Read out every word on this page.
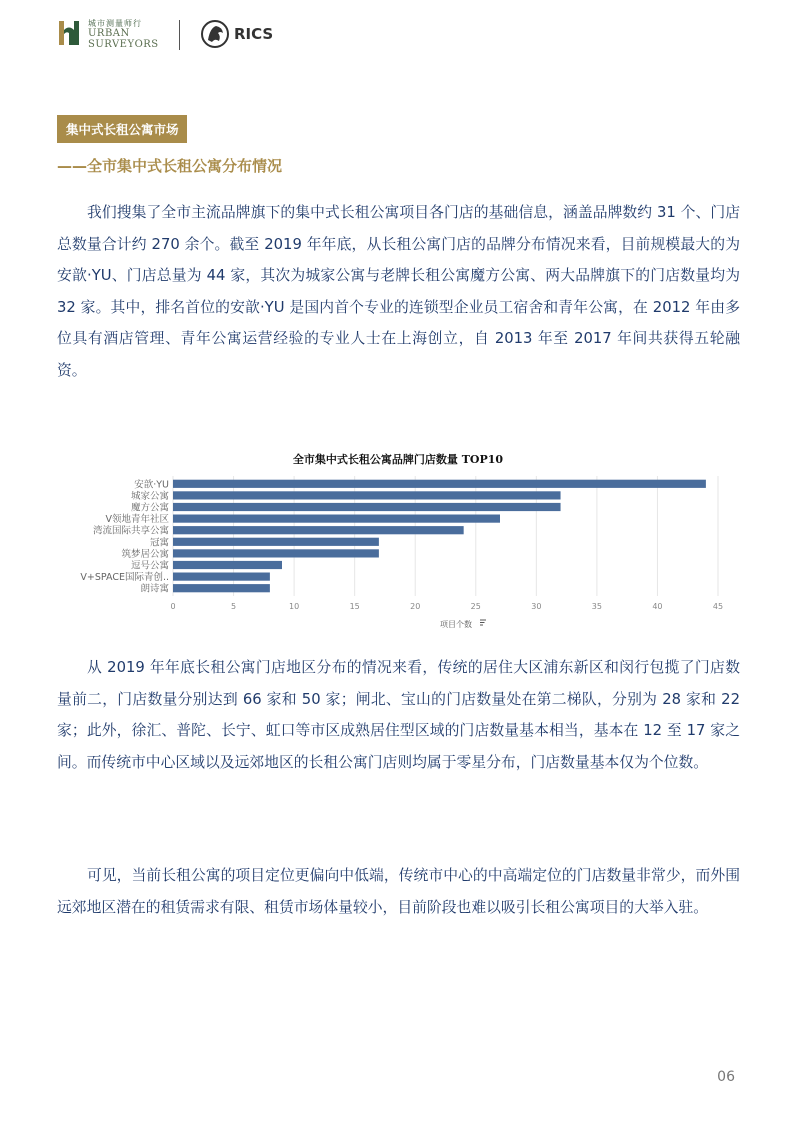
城市测量师行
URBAN
SURVEYORS
RICS
集中式长租公寓市场
——全市集中式长租公寓分布情况

我们搜集了全市主流品牌旗下的集中式长租公寓项目各门店的基础信息，涵盖品牌数约 31 个、门店总数量合计约 270 余个。截至 2019 年年底，从长租公寓门店的品牌分布情况来看，目前规模最大的为安歆·YU、门店总量为 44 家，其次为城家公寓与老牌长租公寓魔方公寓、两大品牌旗下的门店数量均为 32 家。其中，排名首位的安歆·YU 是国内首个专业的连锁型企业员工宿舍和青年公寓，在 2012 年由多位具有酒店管理、青年公寓运营经验的专业人士在上海创立，自 2013 年至 2017 年间共获得五轮融资。

全市集中式长租公寓品牌门店数量 TOP10
0	5	10	15	20	25	30	35	40	45
安歆·YU
城家公寓
魔方公寓
V领地青年社区
湾流国际共享公寓
冠寓
筑梦居公寓
逗号公寓
V+SPACE国际青创..
朗诗寓
项目个数

从 2019 年年底长租公寓门店地区分布的情况来看，传统的居住大区浦东新区和闵行包揽了门店数量前二，门店数量分别达到 66 家和 50 家；闸北、宝山的门店数量处在第二梯队，分别为 28 家和 22 家；此外，徐汇、普陀、长宁、虹口等市区成熟居住型区域的门店数量基本相当，基本在 12 至 17 家之间。而传统市中心区域以及远郊地区的长租公寓门店则均属于零星分布，门店数量基本仅为个位数。

可见，当前长租公寓的项目定位更偏向中低端，传统市中心的中高端定位的门店数量非常少，而外围远郊地区潜在的租赁需求有限、租赁市场体量较小，目前阶段也难以吸引长租公寓项目的大举入驻。

06
